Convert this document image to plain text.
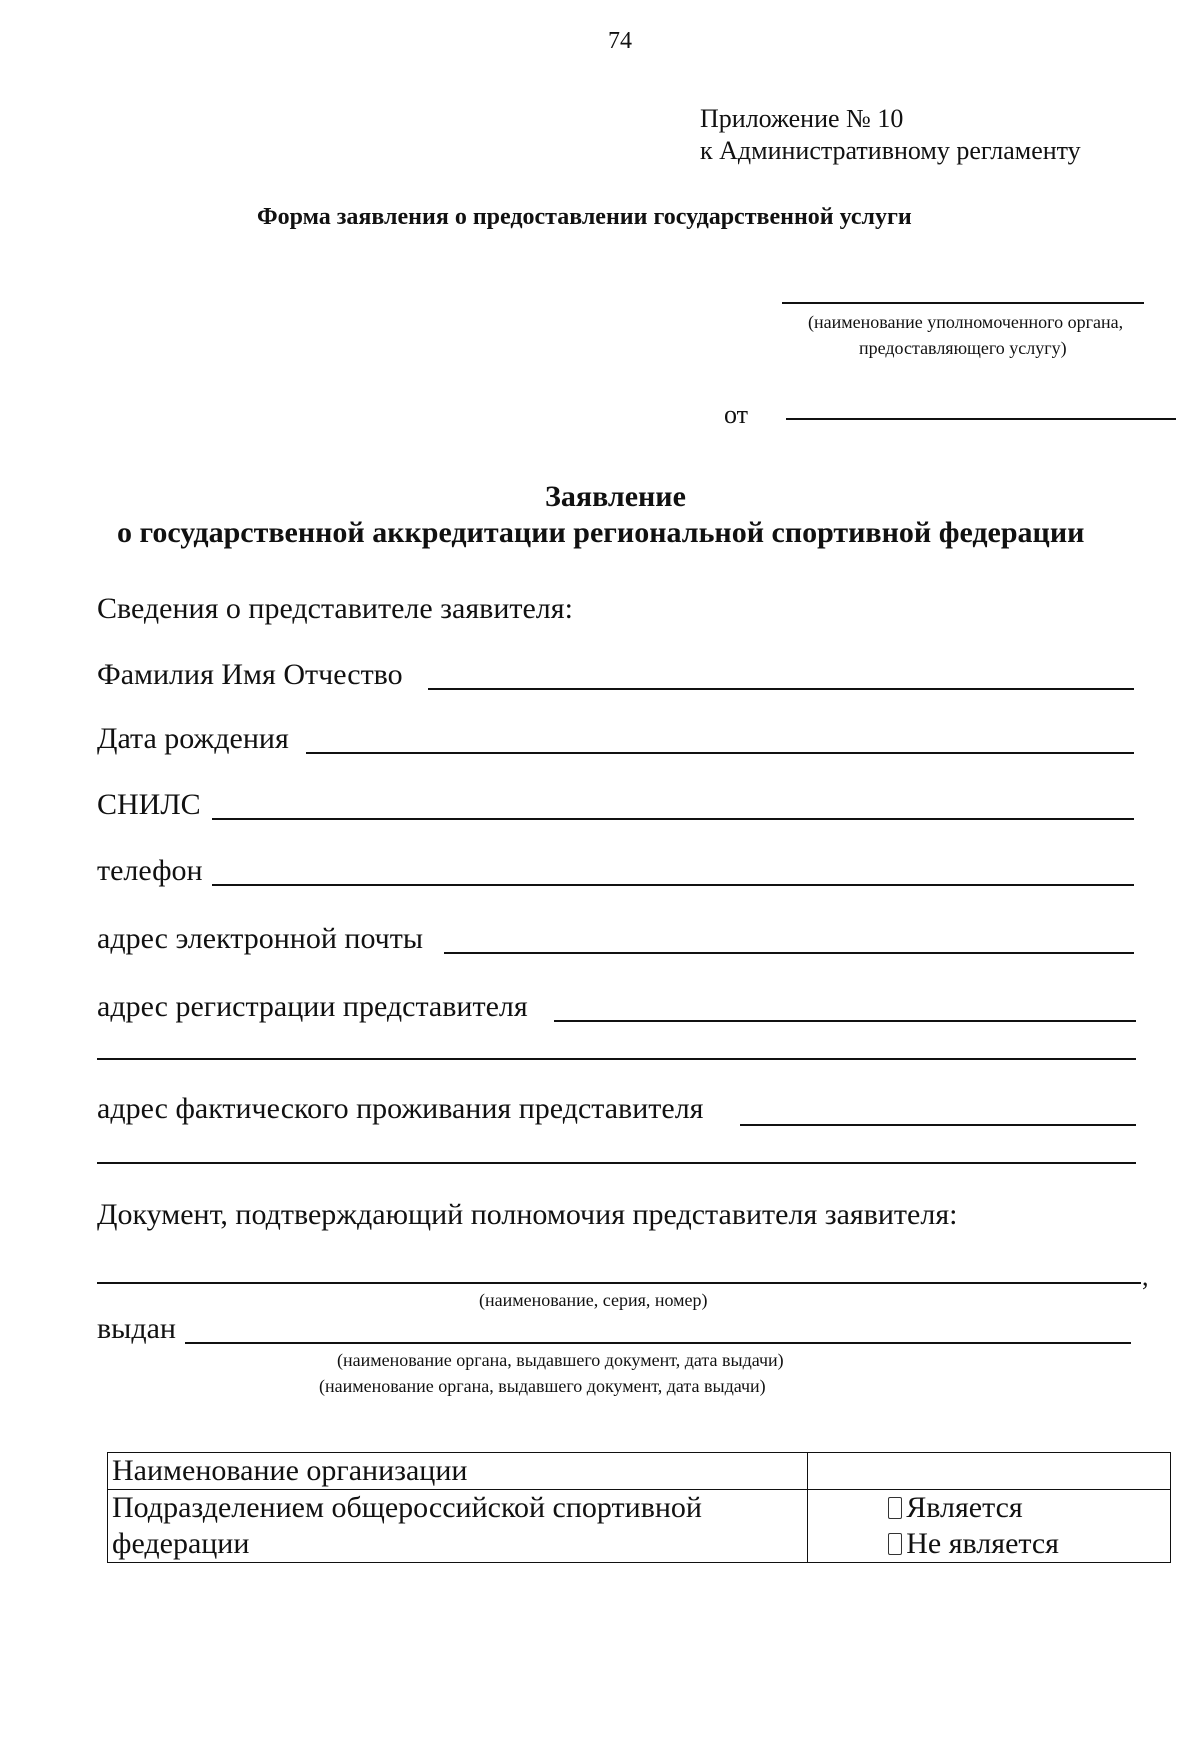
74
Приложение № 10
к Административному регламенту
Форма заявления о предоставлении государственной услуги
(наименование уполномоченного органа,
предоставляющего услугу)
от
Заявление
о государственной аккредитации региональной спортивной федерации
Сведения о представителе заявителя:
Фамилия Имя Отчество
Дата рождения
СНИЛС
телефон
адрес электронной почты
адрес регистрации представителя
адрес фактического проживания представителя
Документ, подтверждающий полномочия представителя заявителя:
,
(наименование, серия, номер)
выдан
(наименование органа, выдавшего документ, дата выдачи)
(наименование органа, выдавшего документ, дата выдачи)
Наименование организации	
Подразделением общероссийской спортивной федерации	Является
Не является
